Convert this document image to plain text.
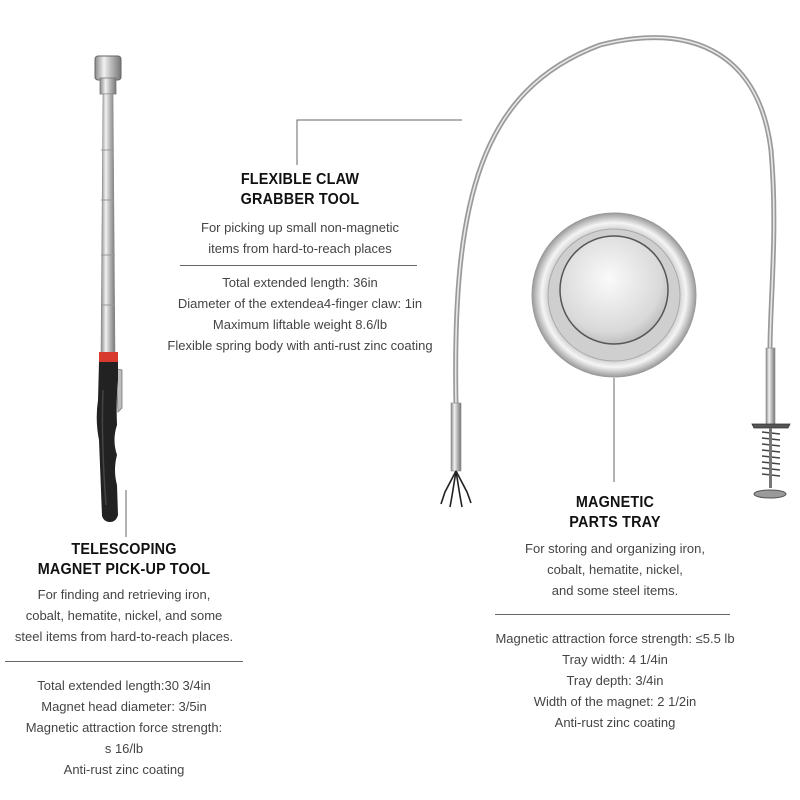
FLEXIBLE CLAW
GRABBER TOOL
For picking up small non-magnetic
items from hard-to-reach places
Total extended length: 36in
Diameter of the extendea4-finger claw: 1in
Maximum liftable weight 8.6/lb
Flexible spring body with anti-rust zinc coating
MAGNETIC
PARTS TRAY
For storing and organizing iron,
cobalt, hematite, nickel,
and some steel items.
Magnetic attraction force strength: ≤5.5 lb
Tray width: 4 1/4in
Tray depth: 3/4in
Width of the magnet: 2 1/2in
Anti-rust zinc coating
TELESCOPING
MAGNET PICK-UP TOOL
For finding and retrieving iron,
cobalt, hematite, nickel, and some
steel items from hard-to-reach places.
Total extended length:30 3/4in
Magnet head diameter: 3/5in
Magnetic attraction force strength:
s 16/lb
Anti-rust zinc coating
